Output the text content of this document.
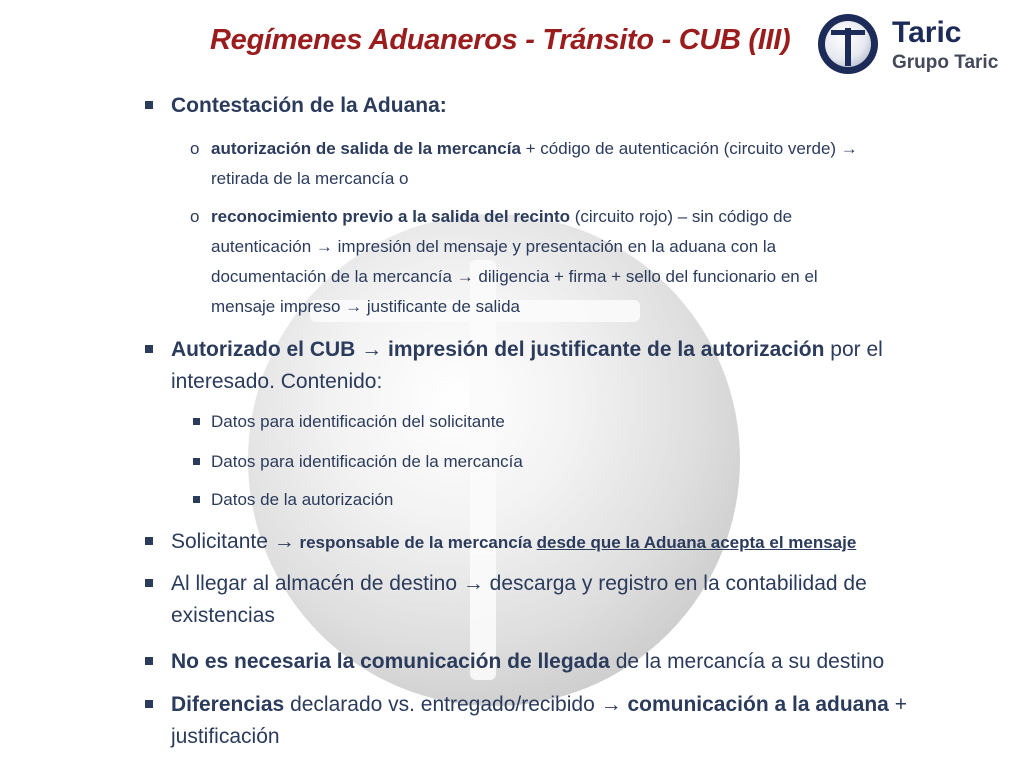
Regímenes Aduaneros - Tránsito - CUB (III)	Taric
Grupo Taric
Contestación de la Aduana:
o autorización de salida de la mercancía + código de autenticación (circuito verde) →
retirada de la mercancía o
o reconocimiento previo a la salida del recinto (circuito rojo) – sin código de
autenticación → impresión del mensaje y presentación en la aduana con la
documentación de la mercancía → diligencia + firma + sello del funcionario en el
mensaje impreso → justificante de salida
Autorizado el CUB → impresión del justificante de la autorización por el
interesado. Contenido:
Datos para identificación del solicitante
Datos para identificación de la mercancía
Datos de la autorización
Solicitante → responsable de la mercancía desde que la Aduana acepta el mensaje
Al llegar al almacén de destino → descarga y registro en la contabilidad de
existencias
No es necesaria la comunicación de llegada de la mercancía a su destino
Diferencias declarado vs. entregado/recibido → comunicación a la aduana +
justificación
